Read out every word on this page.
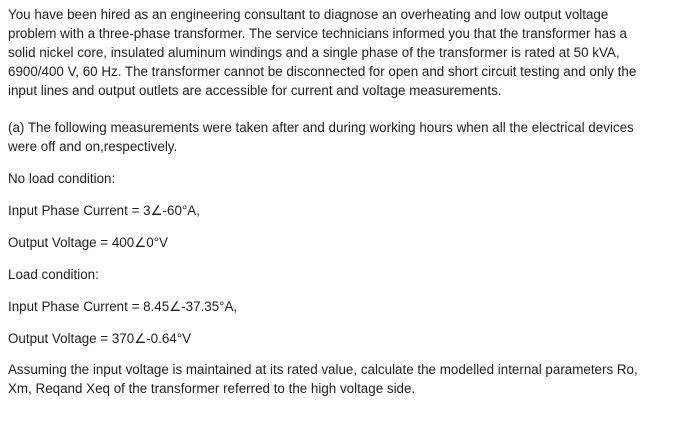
You have been hired as an engineering consultant to diagnose an overheating and low output voltage
problem with a three-phase transformer. The service technicians informed you that the transformer has a
solid nickel core, insulated aluminum windings and a single phase of the transformer is rated at 50 kVA,
6900/400 V, 60 Hz. The transformer cannot be disconnected for open and short circuit testing and only the
input lines and output outlets are accessible for current and voltage measurements.

(a) The following measurements were taken after and during working hours when all the electrical devices
were off and on,respectively.

No load condition:

Input Phase Current = 3∠-60°A,

Output Voltage = 400∠0°V

Load condition:

Input Phase Current = 8.45∠-37.35°A,

Output Voltage = 370∠-0.64°V

Assuming the input voltage is maintained at its rated value, calculate the modelled internal parameters Ro,
Xm, Reqand Xeq of the transformer referred to the high voltage side.
